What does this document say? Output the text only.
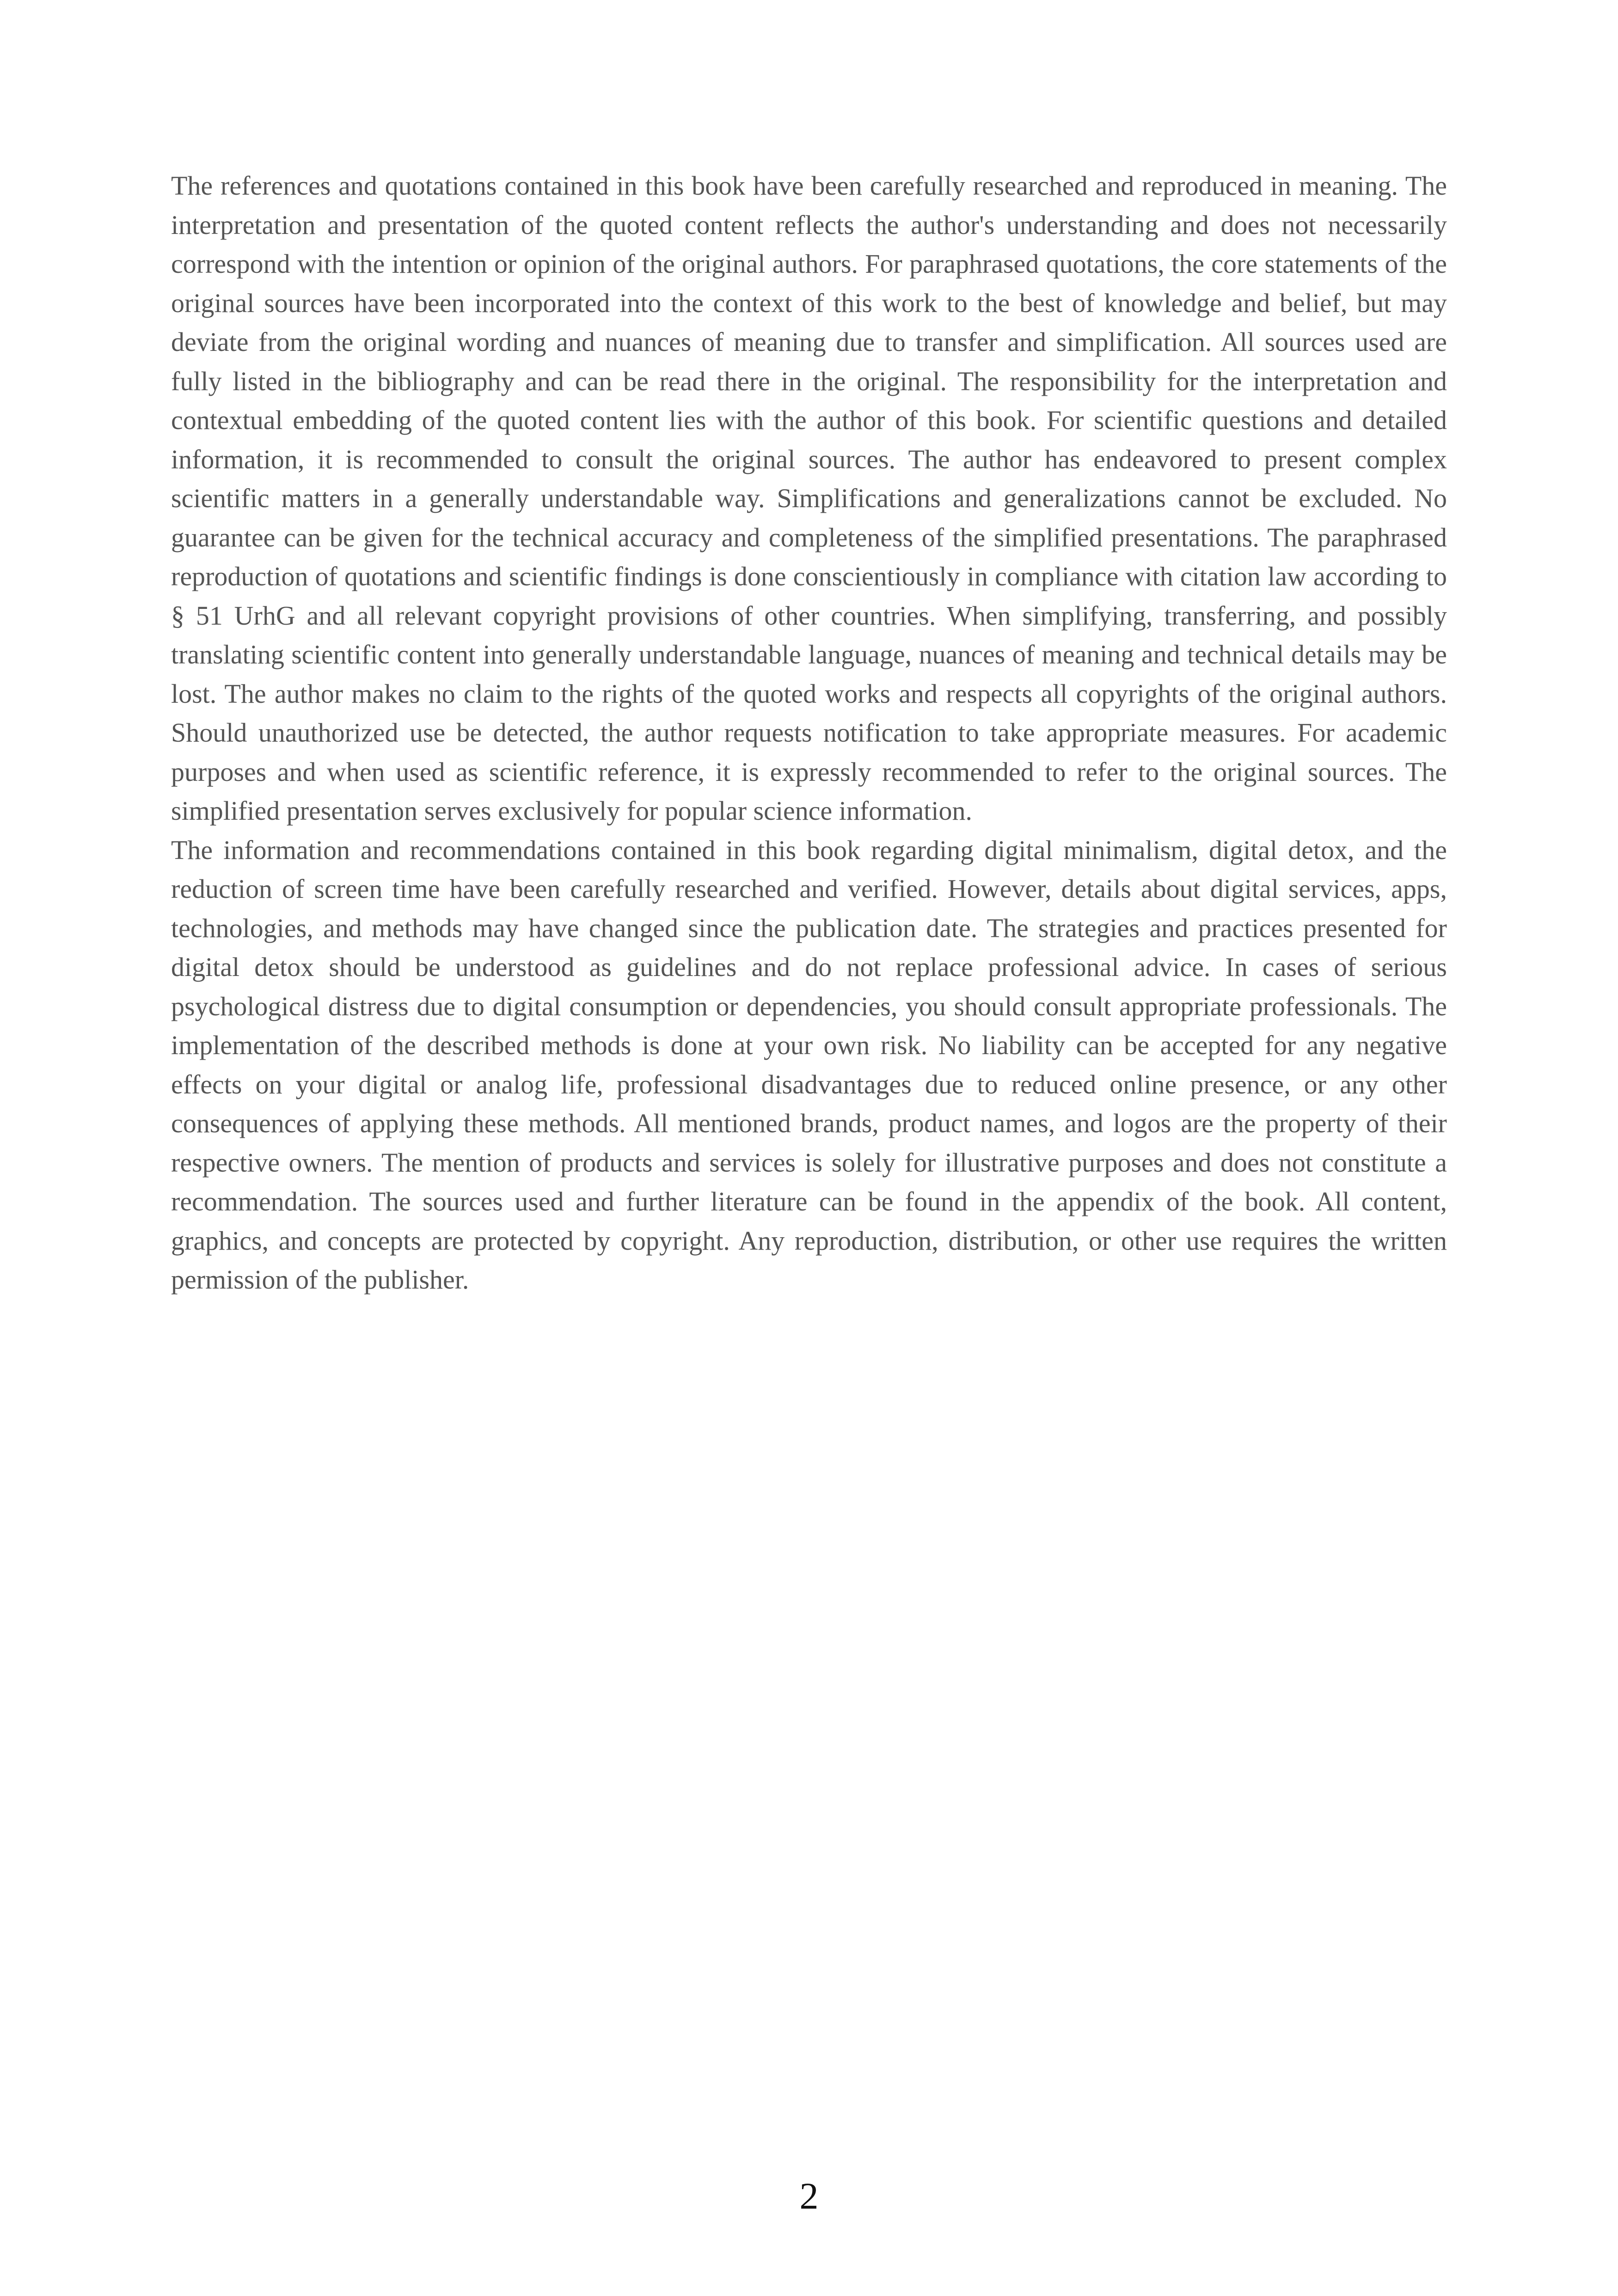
The references and quotations contained in this book have been carefully researched and reproduced in meaning. The interpretation and presentation of the quoted content reflects the author's understanding and does not necessarily correspond with the intention or opinion of the original authors. For paraphrased quotations, the core statements of the original sources have been incorporated into the context of this work to the best of knowledge and belief, but may deviate from the original wording and nuances of meaning due to transfer and simplification. All sources used are fully listed in the bibliography and can be read there in the original. The responsibility for the interpretation and contextual embedding of the quoted content lies with the author of this book. For scientific questions and detailed information, it is recommended to consult the original sources. The author has endeavored to present complex scientific matters in a generally understandable way. Simplifications and generalizations cannot be excluded. No guarantee can be given for the technical accuracy and completeness of the simplified presentations. The paraphrased reproduction of quotations and scientific findings is done conscientiously in compliance with citation law according to § 51 UrhG and all relevant copyright provisions of other countries. When simplifying, transferring, and possibly translating scientific content into generally understandable language, nuances of meaning and technical details may be lost. The author makes no claim to the rights of the quoted works and respects all copyrights of the original authors. Should unauthorized use be detected, the author requests notification to take appropriate measures. For academic purposes and when used as scientific reference, it is expressly recommended to refer to the original sources. The simplified presentation serves exclusively for popular science information.

The information and recommendations contained in this book regarding digital minimalism, digital detox, and the reduction of screen time have been carefully researched and verified. However, details about digital services, apps, technologies, and methods may have changed since the publication date. The strategies and practices presented for digital detox should be understood as guidelines and do not replace professional advice. In cases of serious psychological distress due to digital consumption or dependencies, you should consult appropriate professionals. The implementation of the described methods is done at your own risk. No liability can be accepted for any negative effects on your digital or analog life, professional disadvantages due to reduced online presence, or any other consequences of applying these methods. All mentioned brands, product names, and logos are the property of their respective owners. The mention of products and services is solely for illustrative purposes and does not constitute a recommendation. The sources used and further literature can be found in the appendix of the book. All content, graphics, and concepts are protected by copyright. Any reproduction, distribution, or other use requires the written permission of the publisher.

2
